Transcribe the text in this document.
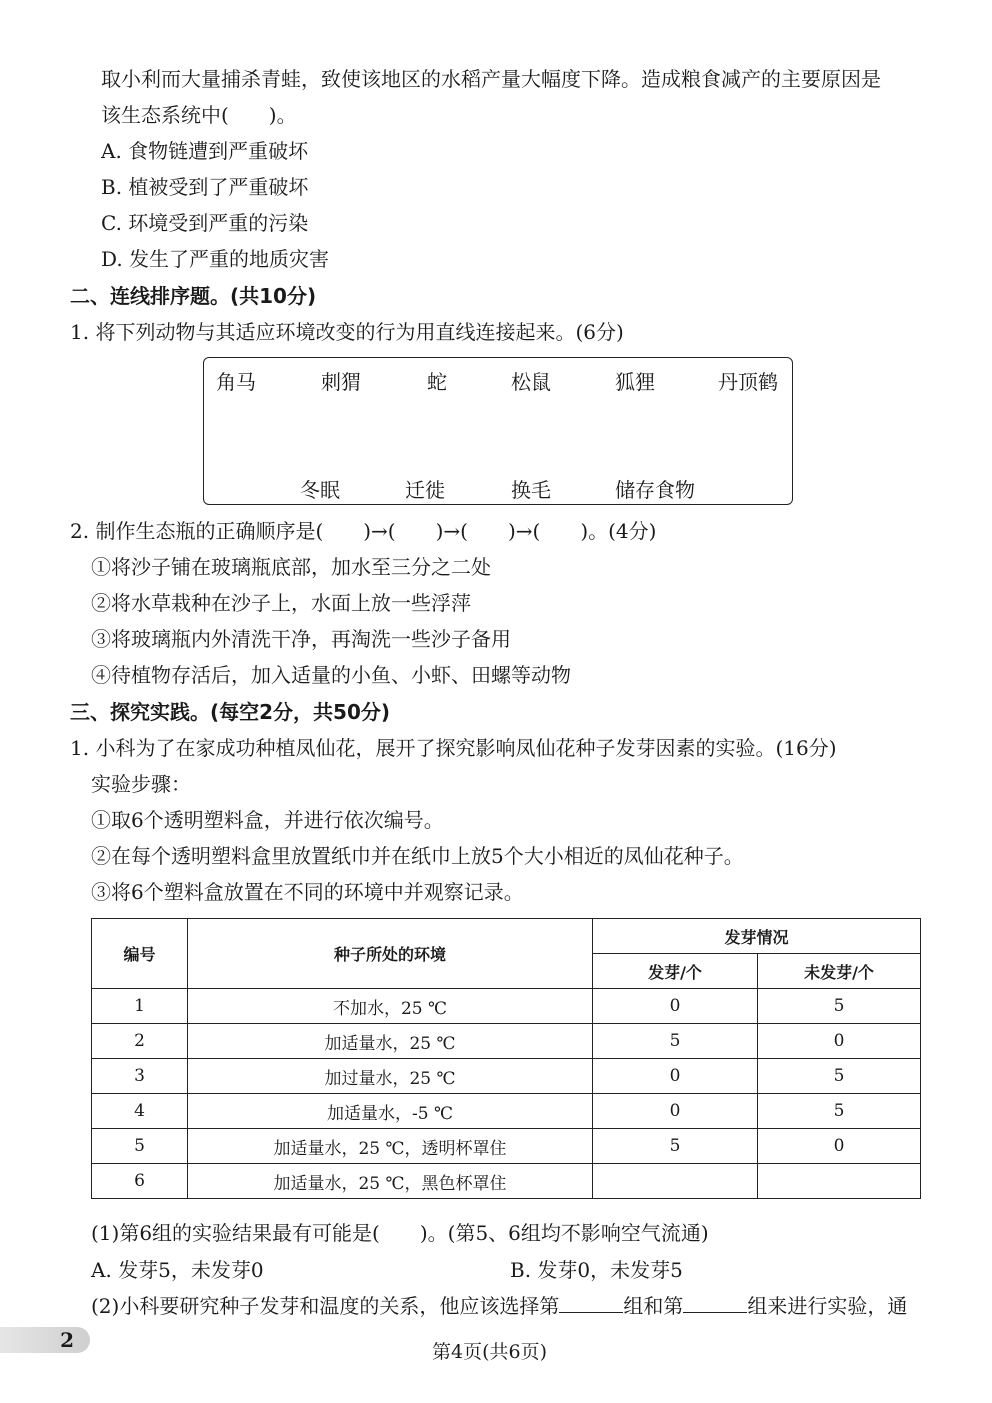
取小利而大量捕杀青蛙，致使该地区的水稻产量大幅度下降。造成粮食减产的主要原因是
该生态系统中(　　)。
A. 食物链遭到严重破坏
B. 植被受到了严重破坏
C. 环境受到严重的污染
D. 发生了严重的地质灾害
二、连线排序题。(共10分)
1. 将下列动物与其适应环境改变的行为用直线连接起来。(6分)
角马	刺猬	蛇	松鼠	狐狸	丹顶鹤
冬眠	迁徙	换毛	储存食物
2. 制作生态瓶的正确顺序是(　　)→(　　)→(　　)→(　　)。(4分)
①将沙子铺在玻璃瓶底部，加水至三分之二处
②将水草栽种在沙子上，水面上放一些浮萍
③将玻璃瓶内外清洗干净，再淘洗一些沙子备用
④待植物存活后，加入适量的小鱼、小虾、田螺等动物
三、探究实践。(每空2分，共50分)
1. 小科为了在家成功种植凤仙花，展开了探究影响凤仙花种子发芽因素的实验。(16分)
实验步骤：
①取6个透明塑料盒，并进行依次编号。
②在每个透明塑料盒里放置纸巾并在纸巾上放5个大小相近的凤仙花种子。
③将6个塑料盒放置在不同的环境中并观察记录。
编号	种子所处的环境	发芽情况	
		发芽/个	未发芽/个
1	不加水，25 ℃	0	5
2	加适量水，25 ℃	5	0
3	加过量水，25 ℃	0	5
4	加适量水，-5 ℃	0	5
5	加适量水，25 ℃，透明杯罩住	5	0
6	加适量水，25 ℃，黑色杯罩住		
(1)第6组的实验结果最有可能是(　　)。(第5、6组均不影响空气流通)
A. 发芽5，未发芽0	B. 发芽0，未发芽5
(2)小科要研究种子发芽和温度的关系，他应该选择第	组和第	组来进行实验，通
2	第4页(共6页)
